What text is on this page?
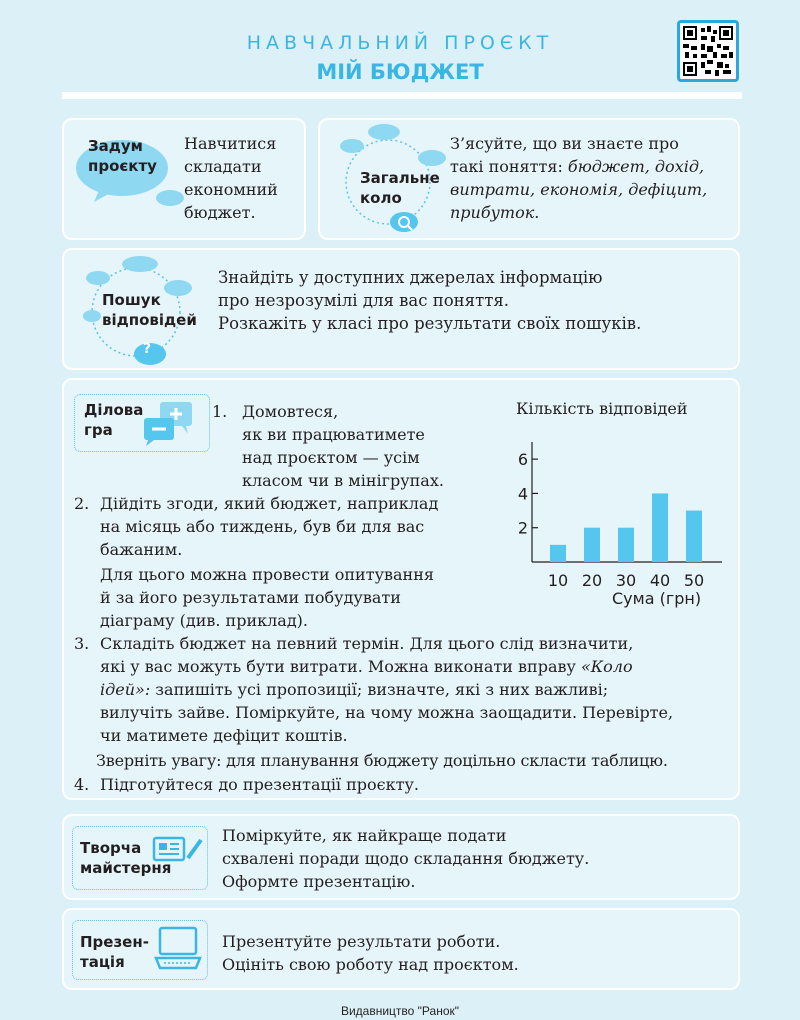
НАВЧАЛЬНИЙ ПРОЄКТ
МІЙ БЮДЖЕТ
Задум
проєкту
Навчитися
складати
економний
бюджет.
Загальне
коло
З’ясуйте, що ви знаєте про
такі поняття: бюджет, дохід,
витрати, економія, дефіцит,
прибуток.
?
Пошук
відповідей
Знайдіть у доступних джерелах інформацію
про незрозумілі для вас поняття.
Розкажіть у класі про результати своїх пошуків.
Ділова
гра
1. Домовтеся,
як ви працюватимете
над проєктом — усім
класом чи в мінігрупах.
2. Дійдіть згоди, який бюджет, наприклад
на місяць або тиждень, був би для вас
бажаним.
Для цього можна провести опитування
й за його результатами побудувати
діаграму (див. приклад).
Кількість відповідей
10 20 30 40 50
2
4
6
Сума (грн)
3. Складіть бюджет на певний термін. Для цього слід визначити,
які у вас можуть бути витрати. Можна виконати вправу «Коло
ідей»: запишіть усі пропозиції; визначте, які з них важливі;
вилучіть зайве. Поміркуйте, на чому можна заощадити. Перевірте,
чи матимете дефіцит коштів.
Зверніть увагу: для планування бюджету доцільно скласти таблицю.
4. Підготуйтеся до презентації проєкту.
Творча
майстерня
Поміркуйте, як найкраще подати
схвалені поради щодо складання бюджету.
Оформте презентацію.
Презен-
тація
Презентуйте результати роботи.
Оцініть свою роботу над проєктом.
Видавництво "Ранок"
